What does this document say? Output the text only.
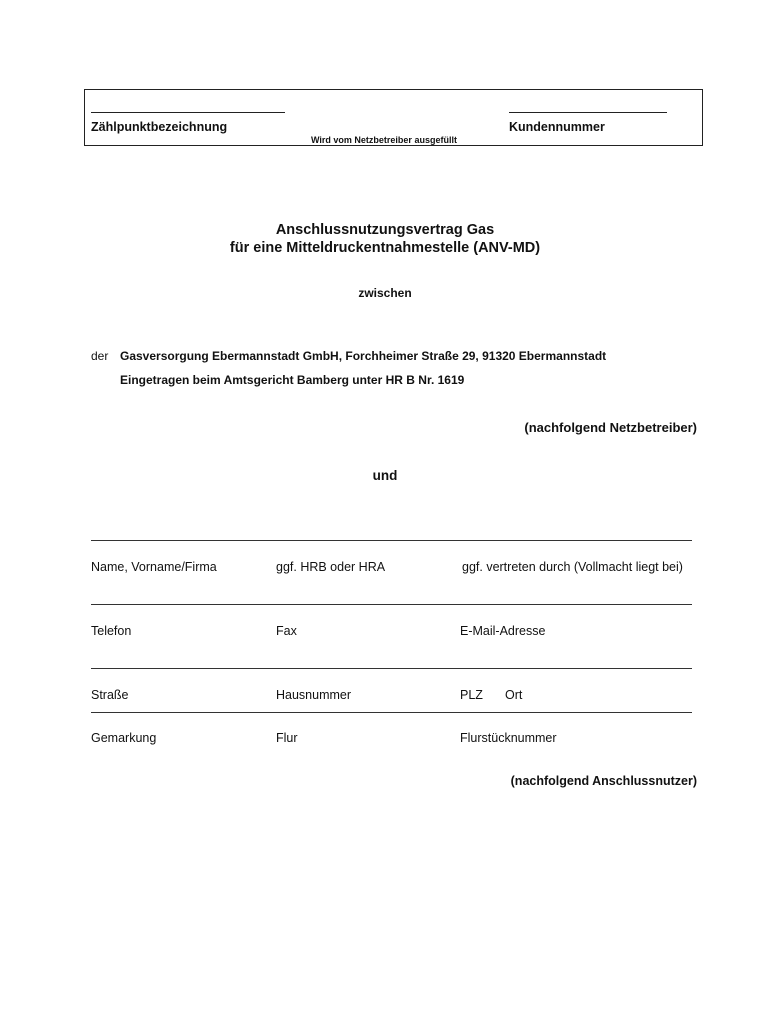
Zählpunktbezeichnung	Kundennummer
Wird vom Netzbetreiber ausgefüllt
Anschlussnutzungsvertrag Gas
für eine Mitteldruckentnahmestelle (ANV-MD)
zwischen
der Gasversorgung Ebermannstadt GmbH, Forchheimer Straße 29, 91320 Ebermannstadt
Eingetragen beim Amtsgericht Bamberg unter HR B Nr. 1619
(nachfolgend Netzbetreiber)
und
Name, Vorname/Firma	ggf. HRB oder HRA	ggf. vertreten durch (Vollmacht liegt bei)
Telefon	Fax	E-Mail-Adresse
Straße	Hausnummer	PLZ Ort
Gemarkung	Flur	Flurstücknummer
(nachfolgend Anschlussnutzer)
